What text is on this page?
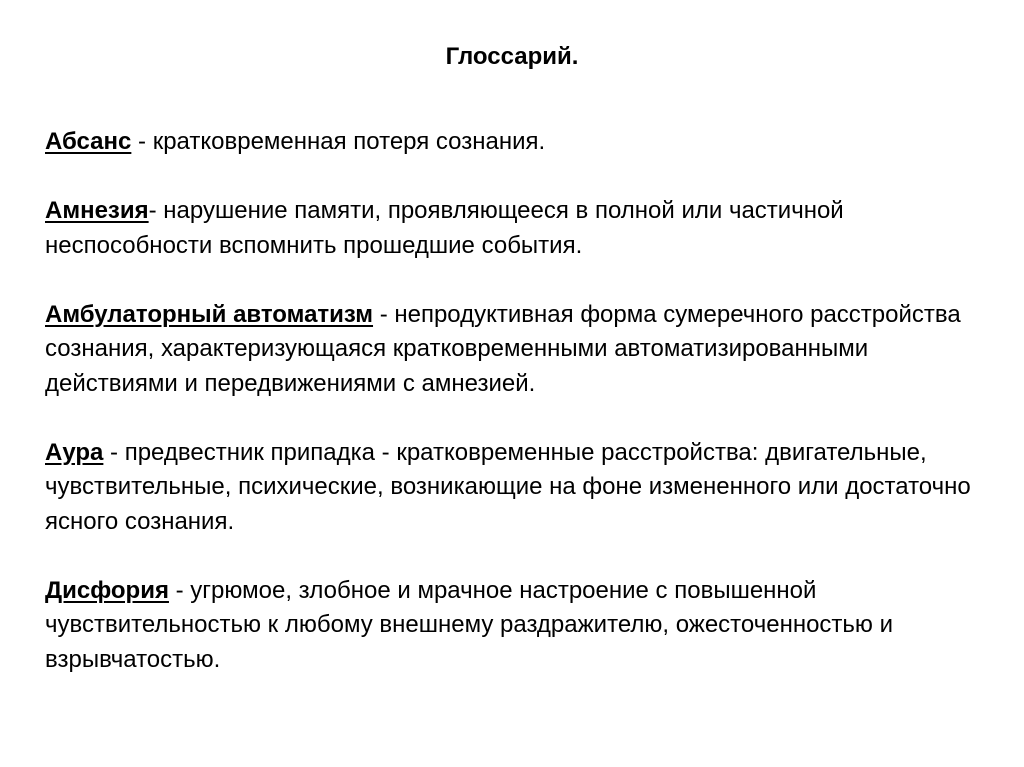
Глоссарий.
Абсанс - кратковременная потеря сознания.
Амнезия- нарушение памяти, проявляющееся в полной или частичной неспособности вспомнить прошедшие события.
Амбулаторный автоматизм - непродуктивная форма сумеречного расстройства сознания, характеризующаяся кратковременными автоматизированными действиями и передвижениями с амнезией.
Аура - предвестник припадка - кратковременные расстройства: двигательные, чувствительные, психические, возникающие на фоне измененного или достаточно ясного сознания.
Дисфория - угрюмое, злобное и мрачное настроение с повышенной чувствительностью к любому внешнему раздражителю, ожесточенностью и взрывчатостью.
